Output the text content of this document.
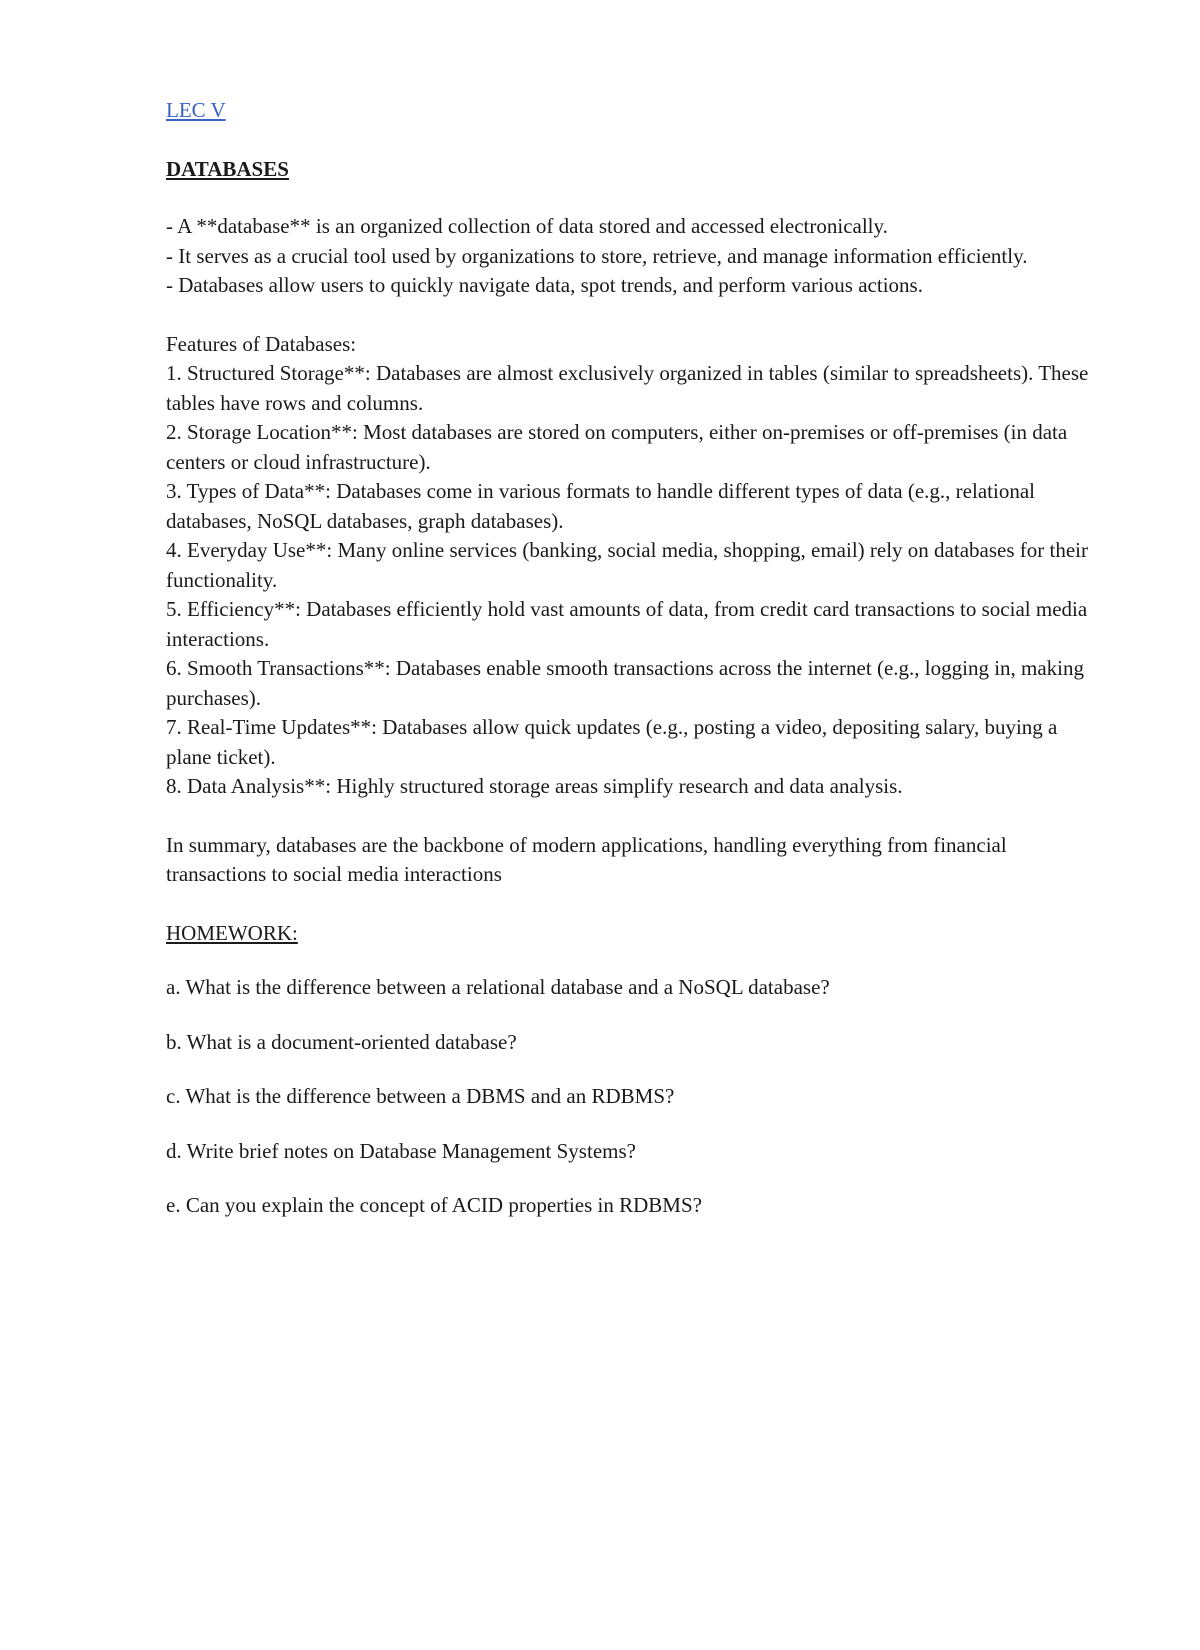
LEC V

DATABASES

- A **database** is an organized collection of data stored and accessed electronically.

- It serves as a crucial tool used by organizations to store, retrieve, and manage information efficiently.

- Databases allow users to quickly navigate data, spot trends, and perform various actions.

Features of Databases:

1. Structured Storage**: Databases are almost exclusively organized in tables (similar to spreadsheets). These tables have rows and columns.

2. Storage Location**: Most databases are stored on computers, either on-premises or off-premises (in data centers or cloud infrastructure).

3. Types of Data**: Databases come in various formats to handle different types of data (e.g., relational databases, NoSQL databases, graph databases).

4. Everyday Use**: Many online services (banking, social media, shopping, email) rely on databases for their functionality.

5. Efficiency**: Databases efficiently hold vast amounts of data, from credit card transactions to social media interactions.

6. Smooth Transactions**: Databases enable smooth transactions across the internet (e.g., logging in, making purchases).

7. Real-Time Updates**: Databases allow quick updates (e.g., posting a video, depositing salary, buying a plane ticket).

8. Data Analysis**: Highly structured storage areas simplify research and data analysis.

In summary, databases are the backbone of modern applications, handling everything from financial transactions to social media interactions

HOMEWORK:

a. What is the difference between a relational database and a NoSQL database?

b. What is a document-oriented database?

c. What is the difference between a DBMS and an RDBMS?

d. Write brief notes on Database Management Systems?

e. Can you explain the concept of ACID properties in RDBMS?
